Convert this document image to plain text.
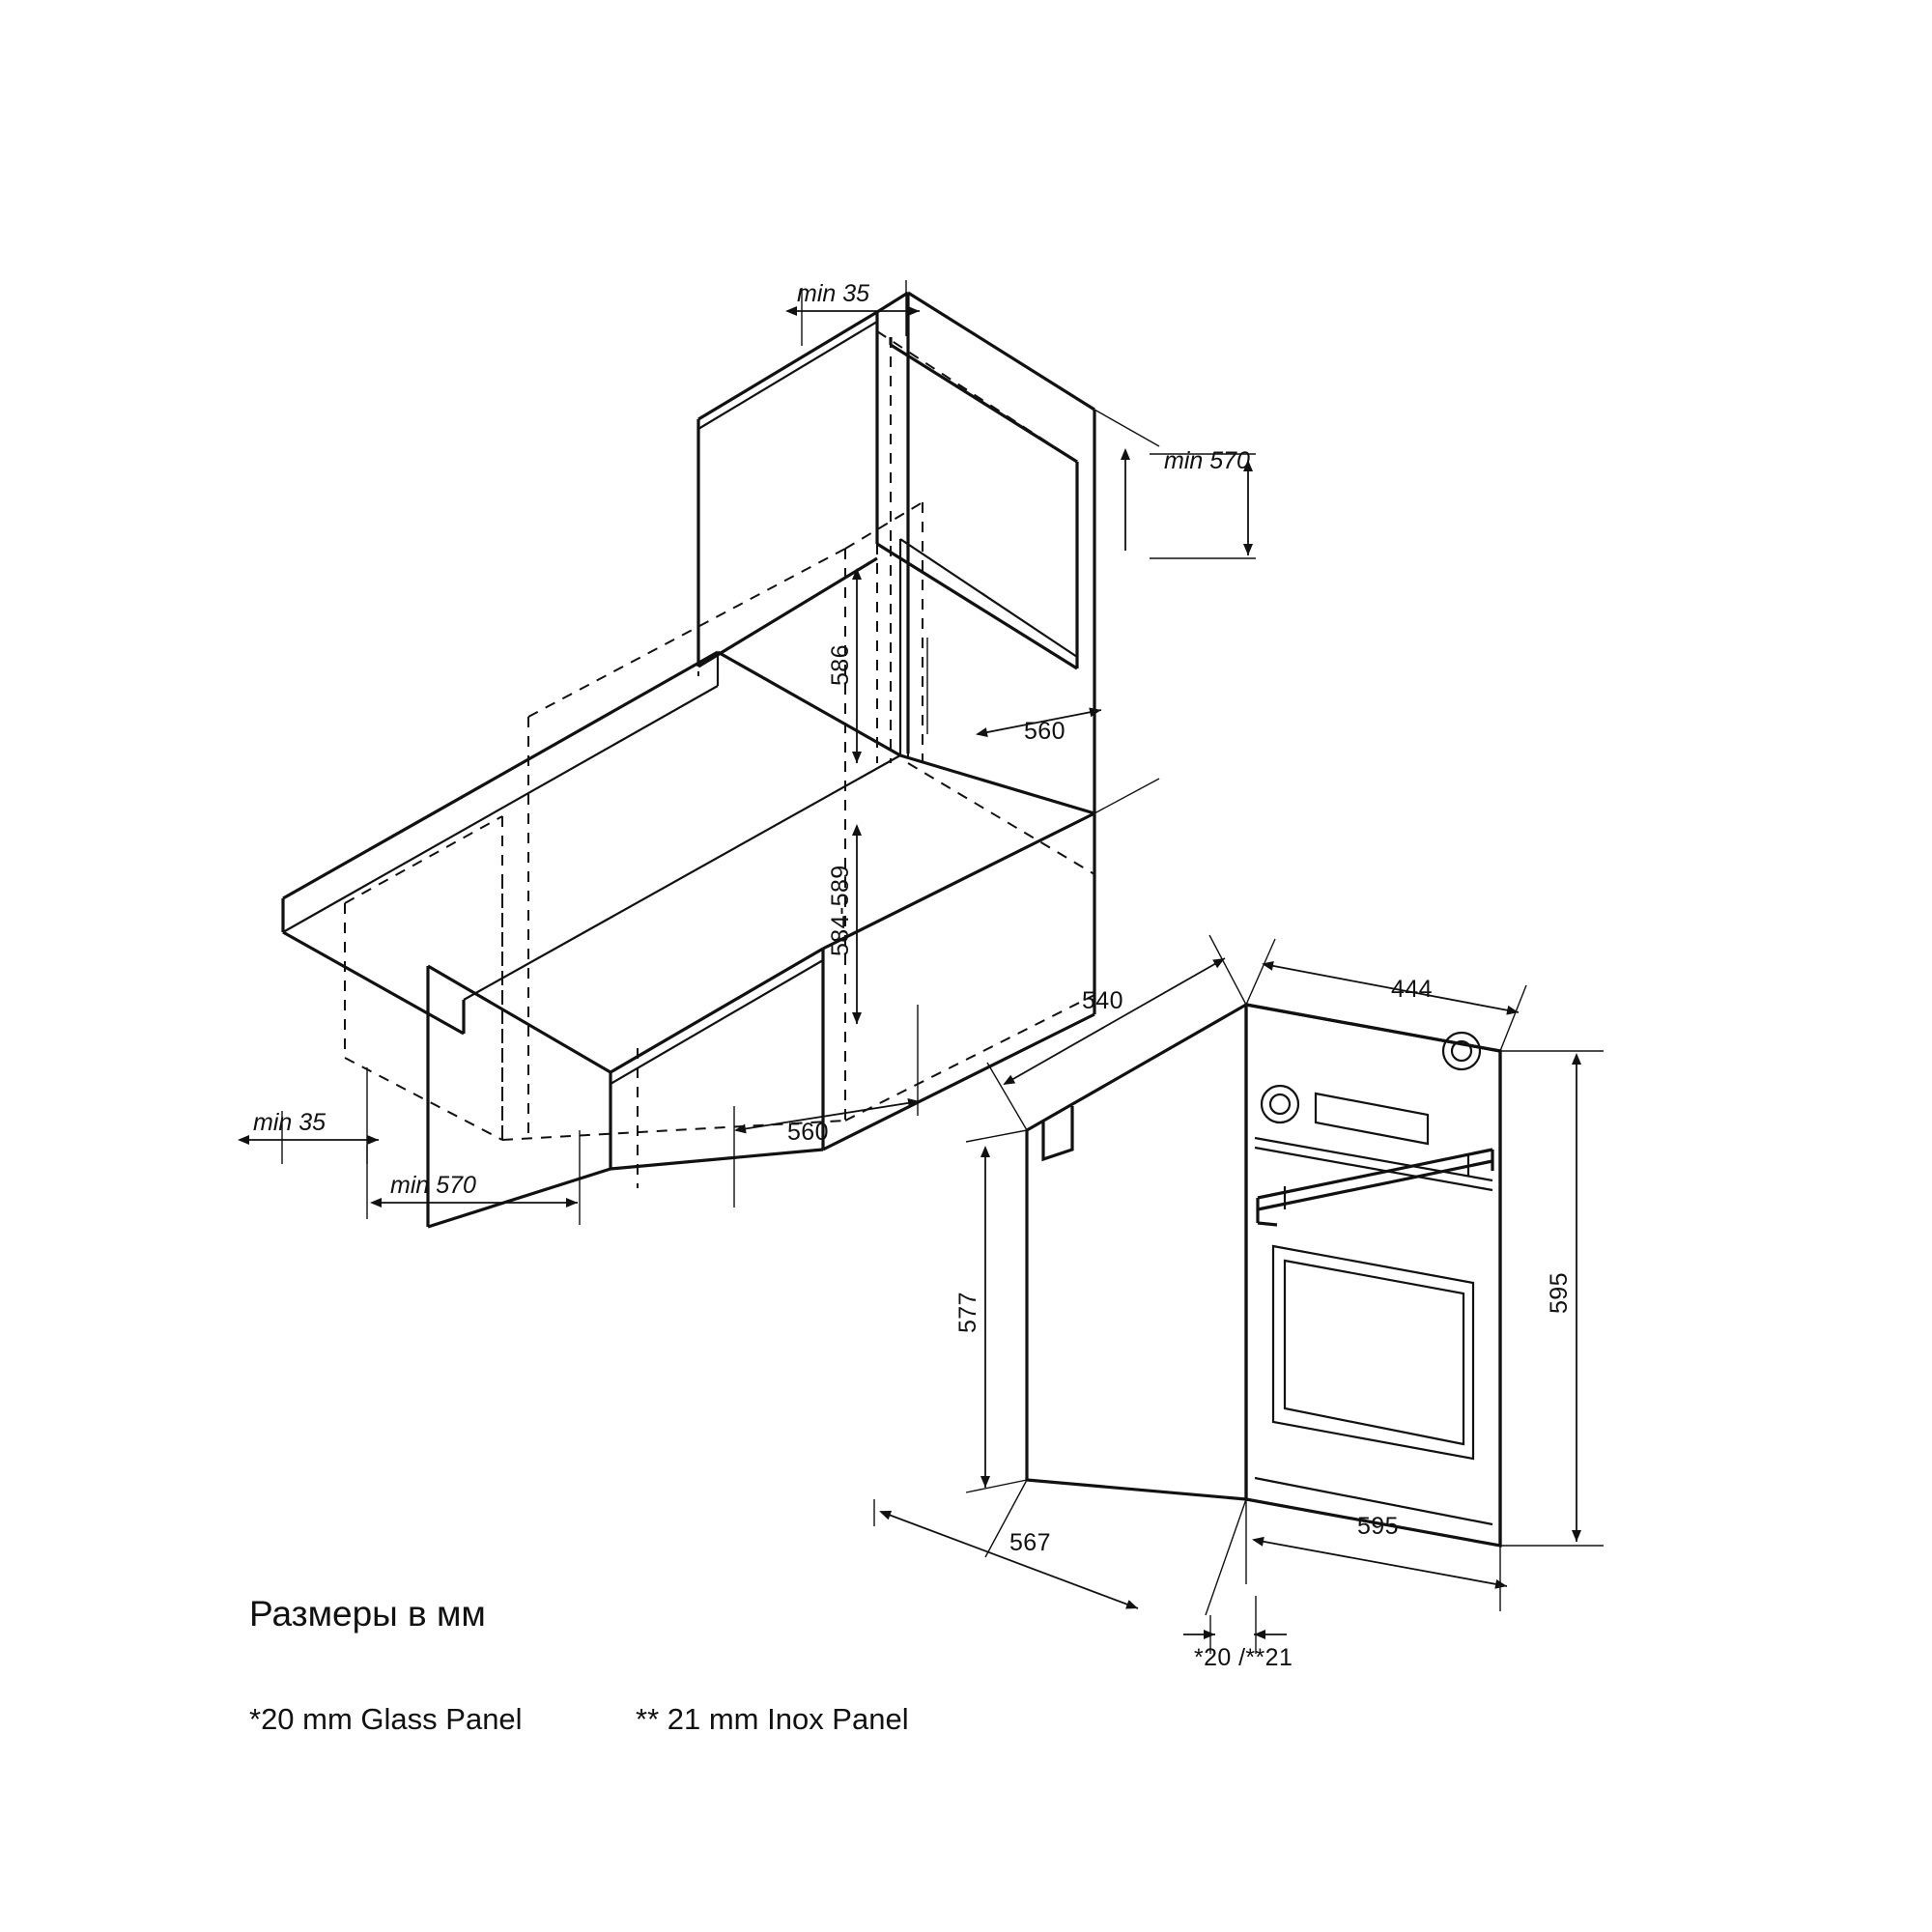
min 35
min 570
586
560
584-589
560
min 35
min 570
540	444
577	595
595
567
*20 /**21
Размеры в мм
*20 mm Glass Panel	** 21 mm Inox Panel
